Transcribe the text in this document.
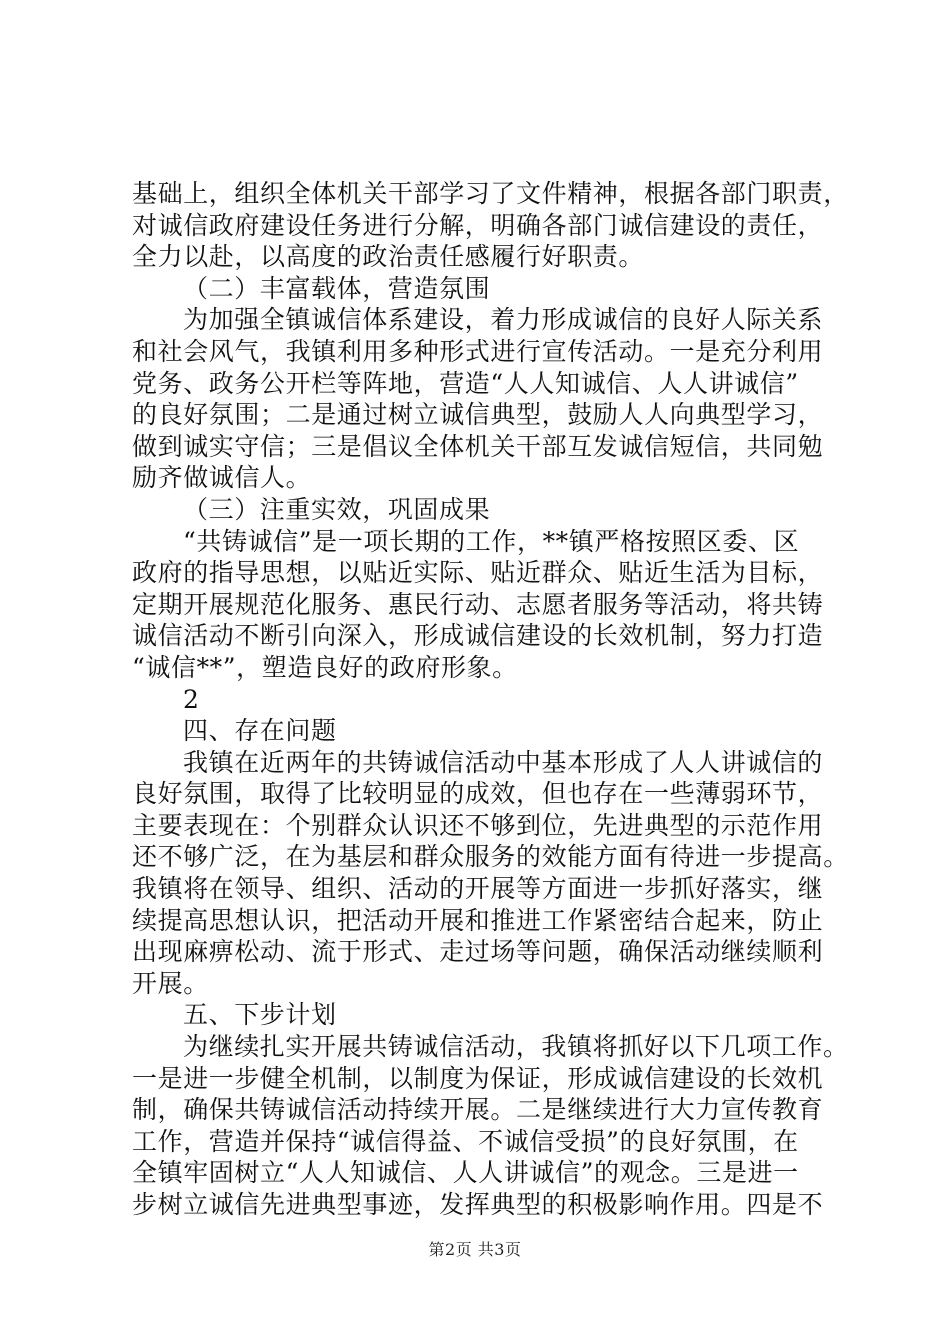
基础上，组织全体机关干部学习了文件精神，根据各部门职责，
对诚信政府建设任务进行分解，明确各部门诚信建设的责任，
全力以赴，以高度的政治责任感履行好职责。
（二）丰富载体，营造氛围
为加强全镇诚信体系建设，着力形成诚信的良好人际关系
和社会风气，我镇利用多种形式进行宣传活动。一是充分利用
党务、政务公开栏等阵地，营造“人人知诚信、人人讲诚信”
的良好氛围；二是通过树立诚信典型，鼓励人人向典型学习，
做到诚实守信；三是倡议全体机关干部互发诚信短信，共同勉
励齐做诚信人。
（三）注重实效，巩固成果
“共铸诚信”是一项长期的工作，**镇严格按照区委、区
政府的指导思想，以贴近实际、贴近群众、贴近生活为目标，
定期开展规范化服务、惠民行动、志愿者服务等活动，将共铸
诚信活动不断引向深入，形成诚信建设的长效机制，努力打造
“诚信**”，塑造良好的政府形象。
2
四、存在问题
我镇在近两年的共铸诚信活动中基本形成了人人讲诚信的
良好氛围，取得了比较明显的成效，但也存在一些薄弱环节，
主要表现在：个别群众认识还不够到位，先进典型的示范作用
还不够广泛，在为基层和群众服务的效能方面有待进一步提高。
我镇将在领导、组织、活动的开展等方面进一步抓好落实，继
续提高思想认识，把活动开展和推进工作紧密结合起来，防止
出现麻痹松动、流于形式、走过场等问题，确保活动继续顺利
开展。
五、下步计划
为继续扎实开展共铸诚信活动，我镇将抓好以下几项工作。
一是进一步健全机制，以制度为保证，形成诚信建设的长效机
制，确保共铸诚信活动持续开展。二是继续进行大力宣传教育
工作，营造并保持“诚信得益、不诚信受损”的良好氛围，在
全镇牢固树立“人人知诚信、人人讲诚信”的观念。三是进一
步树立诚信先进典型事迹，发挥典型的积极影响作用。四是不
第2页 共3页
